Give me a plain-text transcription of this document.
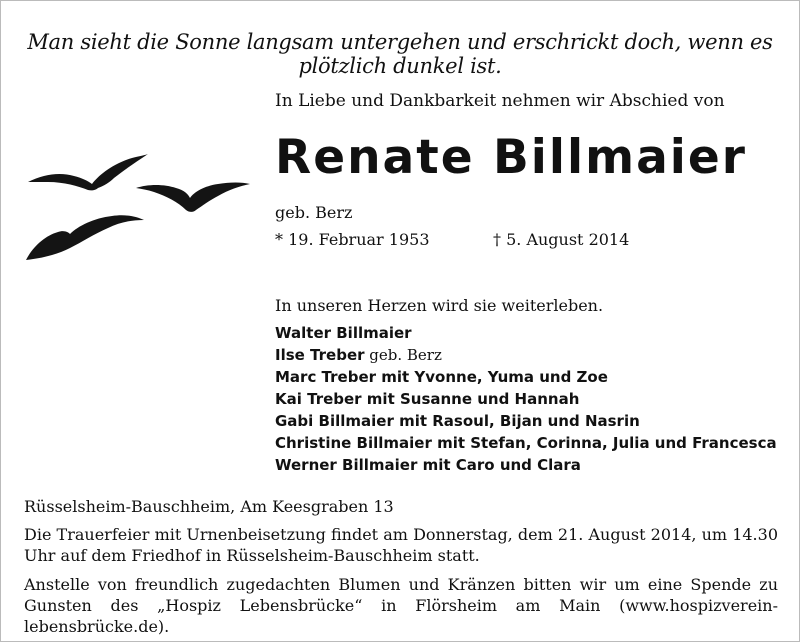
Man sieht die Sonne langsam untergehen und erschrickt doch, wenn es plötzlich dunkel ist.
In Liebe und Dankbarkeit nehmen wir Abschied von
Renate Billmaier
geb. Berz
* 19. Februar 1953	† 5. August 2014
In unseren Herzen wird sie weiterleben.
Walter Billmaier
Ilse Treber geb. Berz
Marc Treber mit Yvonne, Yuma und Zoe
Kai Treber mit Susanne und Hannah
Gabi Billmaier mit Rasoul, Bijan und Nasrin
Christine Billmaier mit Stefan, Corinna, Julia und Francesca
Werner Billmaier mit Caro und Clara
Rüsselsheim-Bauschheim, Am Keesgraben 13
Die Trauerfeier mit Urnenbeisetzung findet am Donnerstag, dem 21. August 2014, um 14.30 Uhr auf dem Friedhof in Rüsselsheim-Bauschheim statt.
Anstelle von freundlich zugedachten Blumen und Kränzen bitten wir um eine Spende zu Gunsten des „Hospiz Lebensbrücke“ in Flörsheim am Main (www.hospizverein-lebensbrücke.de).
